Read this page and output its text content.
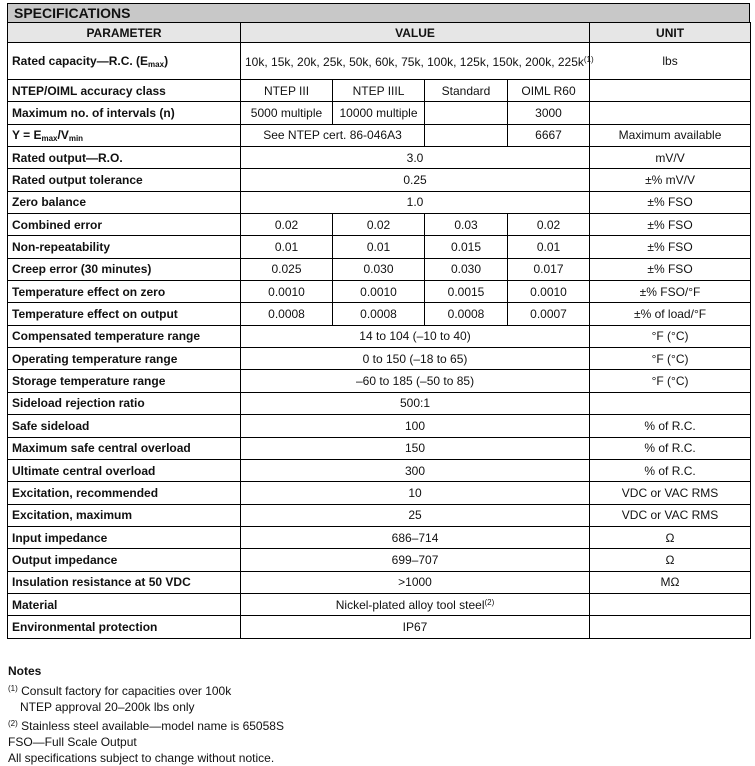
SPECIFICATIONS
PARAMETER	VALUE				UNIT
Rated capacity—R.C. $(E_{max})$	10k, 15k, 20k, 25k, 50k, 60k, 75k, 100k, 125k, 150k, 200k, $225k^{(1)}$				lbs
NTEP/OIML accuracy class	NTEP III	NTEP IIIL	Standard	OIML R60	
Maximum no. of intervals (n)	5000 multiple	10000 multiple		3000	
$Y = E_{max}/V_{min}$	See NTEP cert. 86-046A3			6667	Maximum available
Rated output—R.O.	3.0				mV/V
Rated output tolerance	0.25				±% mV/V
Zero balance	1.0				±% FSO
Combined error	0.02	0.02	0.03	0.02	±% FSO
Non-repeatability	0.01	0.01	0.015	0.01	±% FSO
Creep error (30 minutes)	0.025	0.030	0.030	0.017	±% FSO
Temperature effect on zero	0.0010	0.0010	0.0015	0.0010	±% FSO/°F
Temperature effect on output	0.0008	0.0008	0.0008	0.0007	±% of load/°F
Compensated temperature range	14 to 104 (–10 to 40)				°F (°C)
Operating temperature range	0 to 150 (–18 to 65)				°F (°C)
Storage temperature range	–60 to 185 (–50 to 85)				°F (°C)
Sideload rejection ratio	500:1				
Safe sideload	100				% of R.C.
Maximum safe central overload	150				% of R.C.
Ultimate central overload	300				% of R.C.
Excitation, recommended	10				VDC or VAC RMS
Excitation, maximum	25				VDC or VAC RMS
Input impedance	686–714				Ω
Output impedance	699–707				Ω
Insulation resistance at 50 VDC	>1000				MΩ
Material	Nickel-plated alloy tool steel$^{(2)}$	
Environmental protection	IP67				
Notes
$^{(1)}$ Consult factory for capacities over 100k
NTEP approval 20–200k lbs only
$^{(2)}$ Stainless steel available—model name is 65058S
FSO—Full Scale Output
All specifications subject to change without notice.
